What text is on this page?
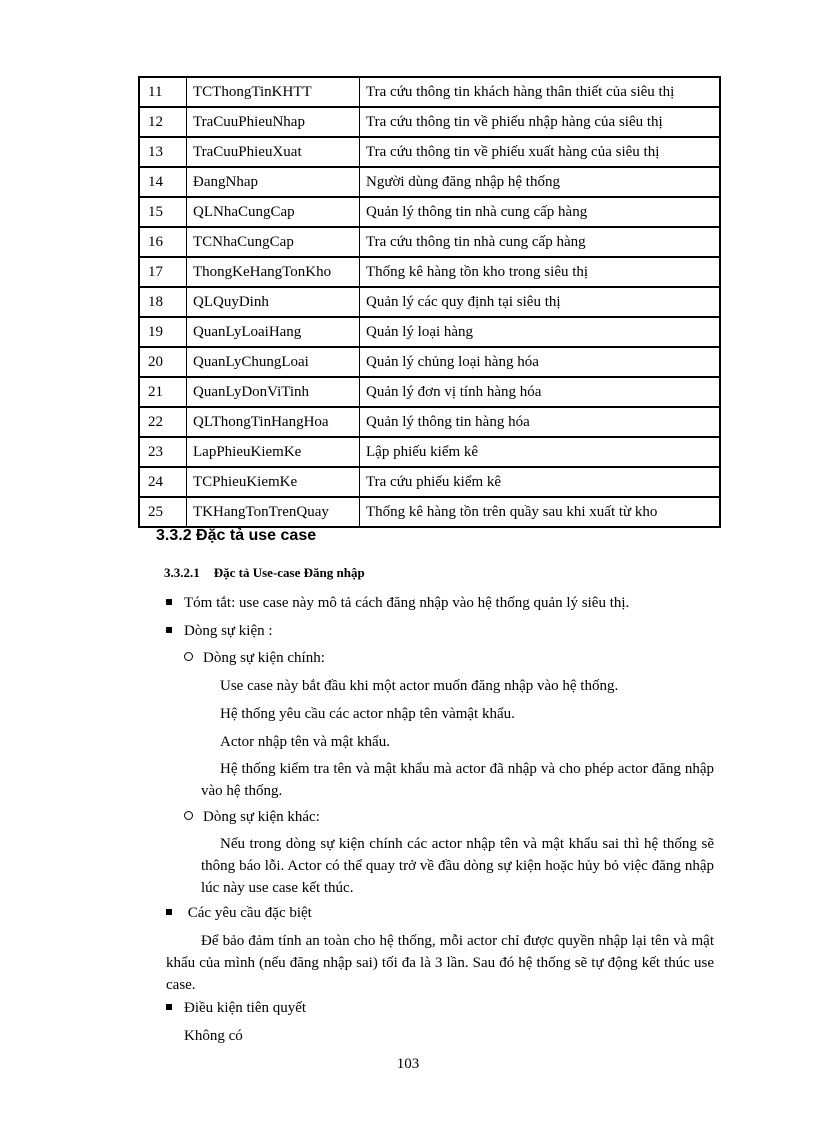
11	TCThongTinKHTT	Tra cứu thông tin khách hàng thân thiết của siêu thị
12	TraCuuPhieuNhap	Tra cứu thông tin về phiếu nhập hàng của siêu thị
13	TraCuuPhieuXuat	Tra cứu thông tin về phiếu xuất hàng của siêu thị
14	ĐangNhap	Người dùng đăng nhập hệ thống
15	QLNhaCungCap	Quản lý thông tin nhà cung cấp hàng
16	TCNhaCungCap	Tra cứu thông tin nhà cung cấp hàng
17	ThongKeHangTonKho	Thống kê hàng tồn kho trong siêu thị
18	QLQuyDinh	Quản lý các quy định tại siêu thị
19	QuanLyLoaiHang	Quản lý loại hàng
20	QuanLyChungLoai	Quản lý chủng loại hàng hóa
21	QuanLyDonViTinh	Quản lý đơn vị tính hàng hóa
22	QLThongTinHangHoa	Quản lý thông tin hàng hóa
23	LapPhieuKiemKe	Lập phiếu kiểm kê
24	TCPhieuKiemKe	Tra cứu phiếu kiểm kê
25	TKHangTonTrenQuay	Thống kê hàng tồn trên quầy sau khi xuất từ kho
3.3.2 Đặc tả use case
3.3.2.1 Đặc tả Use-case Đăng nhập

Tóm tắt: use case này mô tả cách đăng nhập vào hệ thống quản lý siêu thị.

Dòng sự kiện :

Dòng sự kiện chính:

Use case này bắt đầu khi một actor muốn đăng nhập vào hệ thống.

Hệ thống yêu cầu các actor nhập tên vàmật khẩu.

Actor nhập tên và mật khẩu.

Hệ thống kiểm tra tên và mật khẩu mà actor đã nhập và cho phép actor đăng nhập vào hệ thống.

Dòng sự kiện khác:

Nếu trong dòng sự kiện chính các actor nhập tên và mật khẩu sai thì hệ thống sẽ thông báo lỗi. Actor có thể quay trở về đầu dòng sự kiện hoặc hủy bỏ việc đăng nhập lúc này use case kết thúc.

Các yêu cầu đặc biệt

Để bảo đảm tính an toàn cho hệ thống, mỗi actor chỉ được quyền nhập lại tên và mật khẩu của mình (nếu đăng nhập sai) tối đa là 3 lần. Sau đó hệ thống sẽ tự động kết thúc use case.

Điều kiện tiên quyết

Không có

103
